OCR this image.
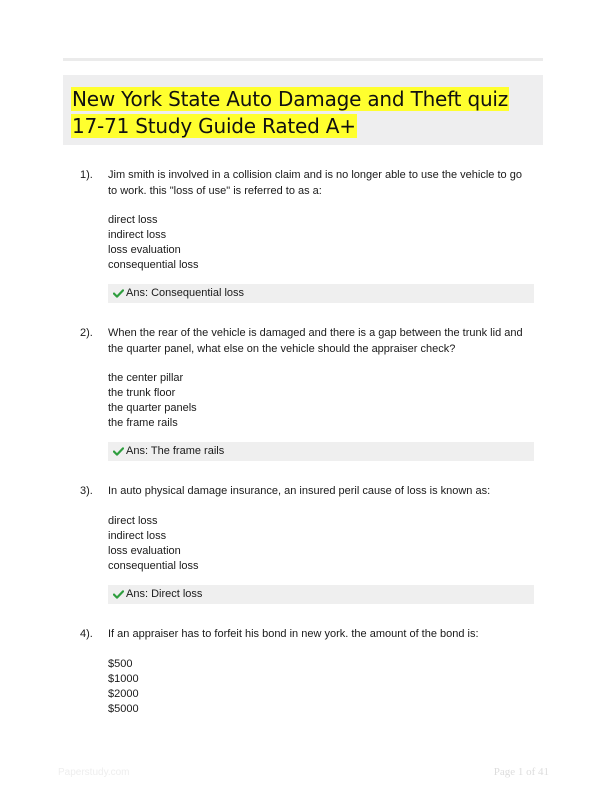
New York State Auto Damage and Theft quiz
17-71 Study Guide Rated A+
1). Jim smith is involved in a collision claim and is no longer able to use the vehicle to go to work. this "loss of use" is referred to as a:
direct loss
indirect loss
loss evaluation
consequential loss
Ans: Consequential loss
2). When the rear of the vehicle is damaged and there is a gap between the trunk lid and the quarter panel, what else on the vehicle should the appraiser check?
the center pillar
the trunk floor
the quarter panels
the frame rails
Ans: The frame rails
3). In auto physical damage insurance, an insured peril cause of loss is known as:
direct loss
indirect loss
loss evaluation
consequential loss
Ans: Direct loss
4). If an appraiser has to forfeit his bond in new york. the amount of the bond is:
$500
$1000
$2000
$5000
Paperstudy.com	Page 1 of 41
